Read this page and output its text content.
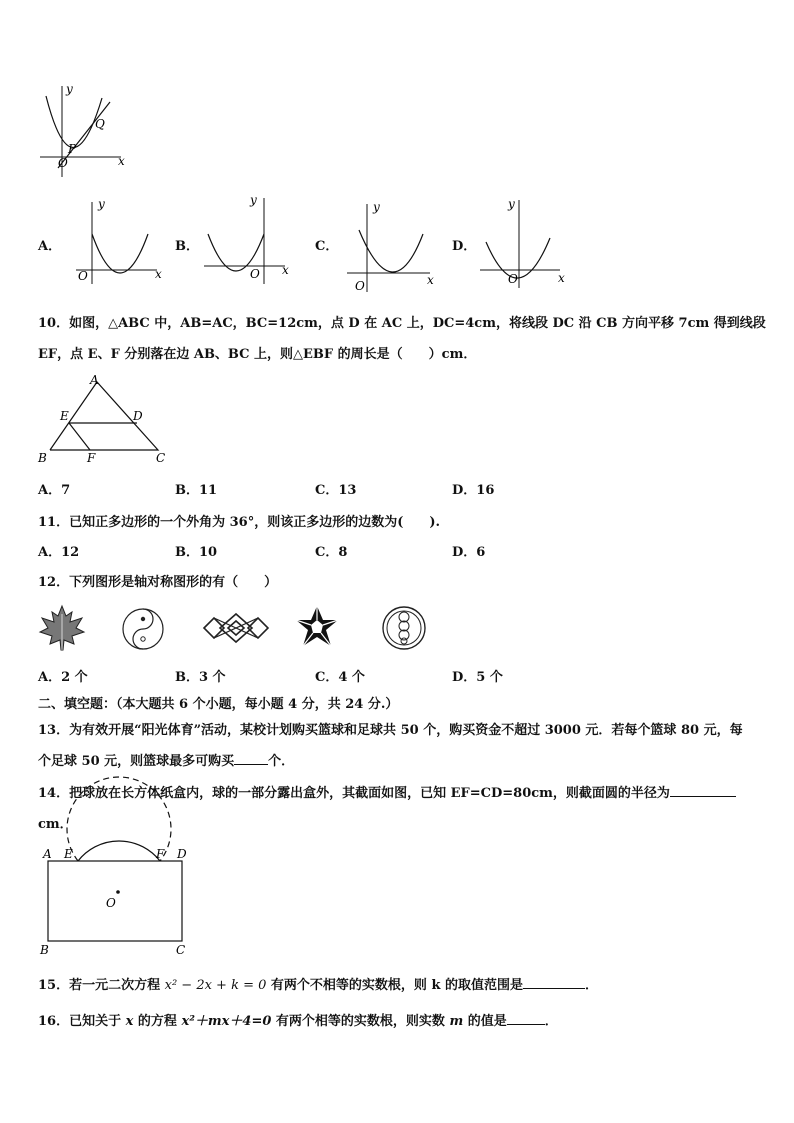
y
x
O
P
Q
A．
y
x
O
B．
y
x
O
C．
y
x
O
D．
y
x
O
10．如图，△ABC 中，AB=AC，BC=12cm，点 D 在 AC 上，DC=4cm，将线段 DC 沿 CB 方向平移 7cm 得到线段
EF，点 E、F 分别落在边 AB、BC 上，则△EBF 的周长是（　　）cm．
A
E	D
B	F	C
A．7	B．11	C．13	D．16
11．已知正多边形的一个外角为 36°，则该正多边形的边数为(　　).
A．12	B．10	C．8	D．6
12．下列图形是轴对称图形的有（　　）
A．2 个	B．3 个	C．4 个	D．5 个
二、填空题：（本大题共 6 个小题，每小题 4 分，共 24 分.）
13．为有效开展“阳光体育”活动，某校计划购买篮球和足球共 50 个，购买资金不超过 3000 元．若每个篮球 80 元，每
个足球 50 元，则篮球最多可购买	个．
14．把球放在长方体纸盒内，球的一部分露出盒外，其截面如图，已知 EF=CD=80cm，则截面圆的半径为
cm．
A E	F D
O
B	C
15．若一元二次方程 x² − 2x + k = 0 有两个不相等的实数根，则 k 的取值范围是	．
16．已知关于 x 的方程 x²＋mx＋4=0 有两个相等的实数根，则实数 m 的值是	．
